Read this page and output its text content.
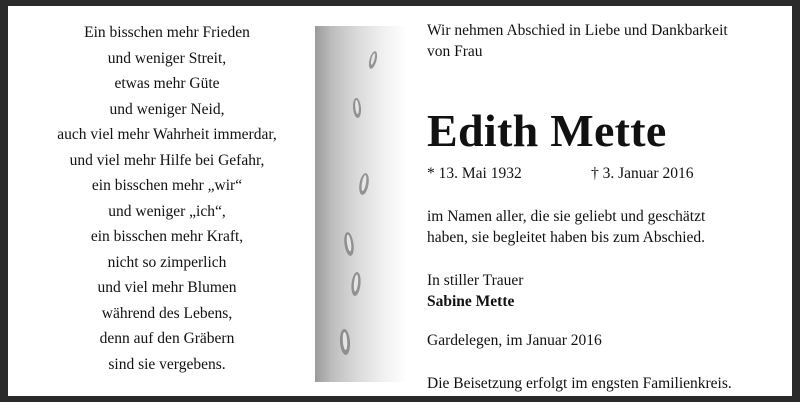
Ein bisschen mehr Frieden
und weniger Streit,
etwas mehr Güte
und weniger Neid,
auch viel mehr Wahrheit immerdar,
und viel mehr Hilfe bei Gefahr,
ein bisschen mehr „wir“
und weniger „ich“,
ein bisschen mehr Kraft,
nicht so zimperlich
und viel mehr Blumen
während des Lebens,
denn auf den Gräbern
sind sie vergebens.
Wir nehmen Abschied in Liebe und Dankbarkeit
von Frau
Edith Mette
* 13. Mai 1932	† 3. Januar 2016
im Namen aller, die sie geliebt und geschätzt
haben, sie begleitet haben bis zum Abschied.
In stiller Trauer
Sabine Mette
Gardelegen, im Januar 2016
Die Beisetzung erfolgt im engsten Familienkreis.
